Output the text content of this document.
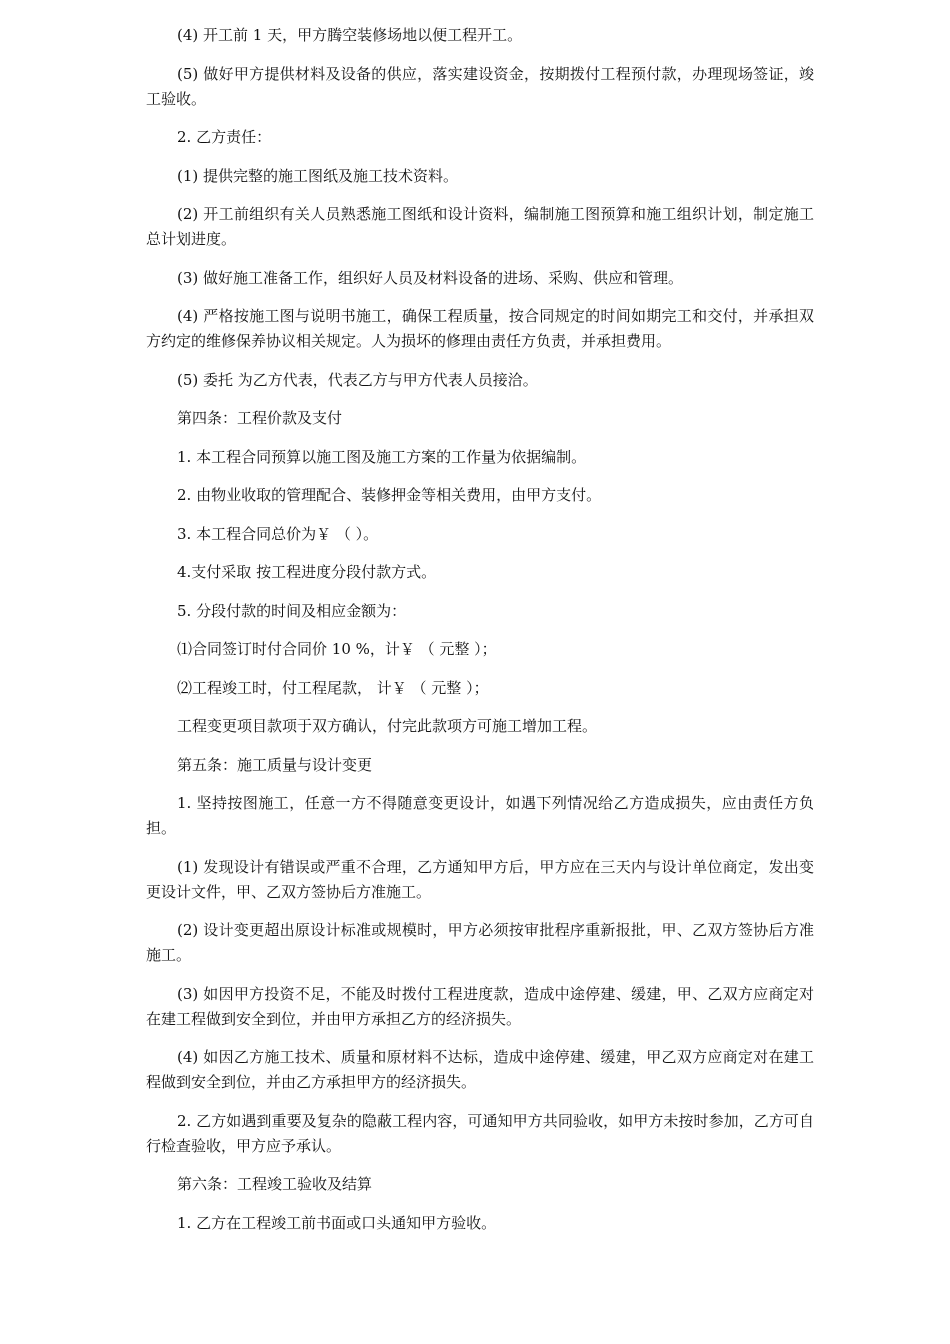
(4) 开工前 1 天，甲方腾空装修场地以便工程开工。

(5) 做好甲方提供材料及设备的供应，落实建设资金，按期拨付工程预付款，办理现场签证，竣工验收。

2. 乙方责任：

(1) 提供完整的施工图纸及施工技术资料。

(2) 开工前组织有关人员熟悉施工图纸和设计资料，编制施工图预算和施工组织计划，制定施工总计划进度。

(3) 做好施工准备工作，组织好人员及材料设备的进场、采购、供应和管理。

(4) 严格按施工图与说明书施工，确保工程质量，按合同规定的时间如期完工和交付，并承担双方约定的维修保养协议相关规定。人为损坏的修理由责任方负责，并承担费用。

(5) 委托 为乙方代表，代表乙方与甲方代表人员接洽。

第四条：工程价款及支付

1. 本工程合同预算以施工图及施工方案的工作量为依据编制。

2. 由物业收取的管理配合、装修押金等相关费用，由甲方支付。

3. 本工程合同总价为￥ （ ）。

4.支付采取 按工程进度分段付款方式。

5. 分段付款的时间及相应金额为：

⑴合同签订时付合同价 10 %，计￥ （ 元整 ）；

⑵工程竣工时，付工程尾款， 计￥ （ 元整 ）；

工程变更项目款项于双方确认，付完此款项方可施工增加工程。

第五条：施工质量与设计变更

1. 坚持按图施工，任意一方不得随意变更设计，如遇下列情况给乙方造成损失，应由责任方负担。

(1) 发现设计有错误或严重不合理，乙方通知甲方后，甲方应在三天内与设计单位商定，发出变更设计文件，甲、乙双方签协后方准施工。

(2) 设计变更超出原设计标准或规模时，甲方必须按审批程序重新报批，甲、乙双方签协后方准施工。

(3) 如因甲方投资不足，不能及时拨付工程进度款，造成中途停建、缓建，甲、乙双方应商定对在建工程做到安全到位，并由甲方承担乙方的经济损失。

(4) 如因乙方施工技术、质量和原材料不达标，造成中途停建、缓建，甲乙双方应商定对在建工程做到安全到位，并由乙方承担甲方的经济损失。

2. 乙方如遇到重要及复杂的隐蔽工程内容，可通知甲方共同验收，如甲方未按时参加，乙方可自行检查验收，甲方应予承认。

第六条：工程竣工验收及结算

1. 乙方在工程竣工前书面或口头通知甲方验收。
